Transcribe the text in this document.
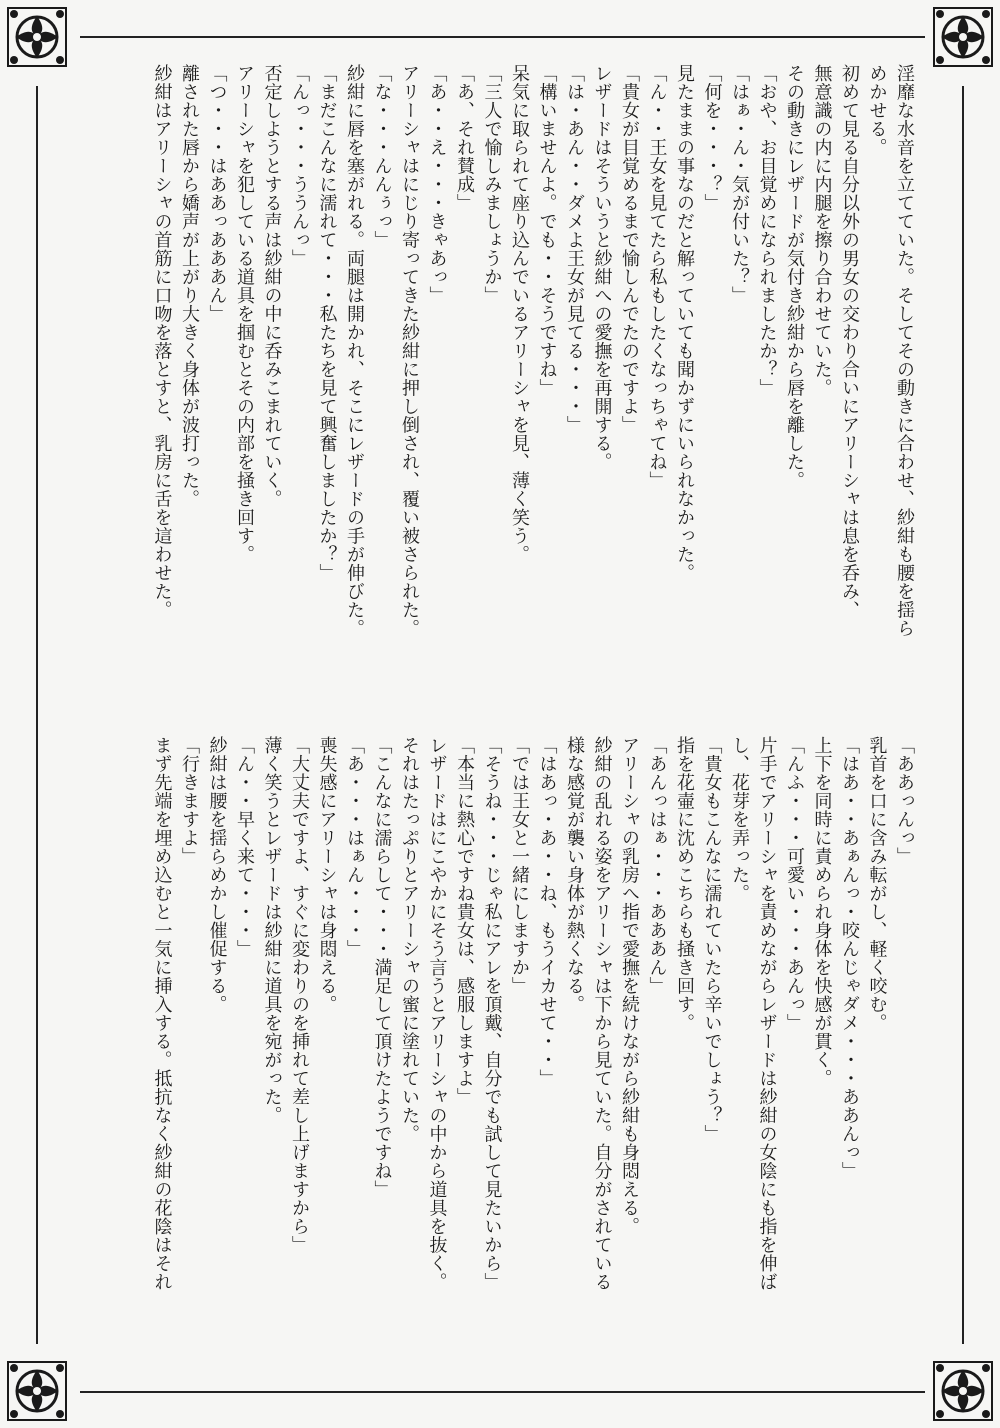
淫靡な水音を立てていた。そしてその動きに合わせ、紗紺も腰を揺ら
めかせる。
初めて見る自分以外の男女の交わり合いにアリーシャは息を呑み、
無意識の内に内腿を擦り合わせていた。
その動きにレザードが気付き紗紺から唇を離した。
「おや、お目覚めになられましたか？」
「はぁ・ん・気が付いた？」
「何を・・・？」
見たままの事なのだと解っていても聞かずにいられなかった。
「ん・・王女を見てたら私もしたくなっちゃてね」
「貴女が目覚めるまで愉しんでたのですよ」
レザードはそういうと紗紺への愛撫を再開する。
「は・あん・・ダメよ王女が見てる・・・」
「構いませんよ。でも・・そうですね」
呆気に取られて座り込んでいるアリーシャを見、薄く笑う。
「三人で愉しみましょうか」
「あ、それ賛成」
「あ・・え・・・きゃあっ」
アリーシャはにじり寄ってきた紗紺に押し倒され、覆い被さられた。
「な・・・んんぅっ」
紗紺に唇を塞がれる。両腿は開かれ、そこにレザードの手が伸びた。
「まだこんなに濡れて・・・私たちを見て興奮しましたか？」
「んっ・・・ううんっ」
否定しようとする声は紗紺の中に呑みこまれていく。
アリーシャを犯している道具を掴むとその内部を掻き回す。
「つ・・・はああっあああん」
離された唇から嬌声が上がり大きく身体が波打った。
紗紺はアリーシャの首筋に口吻を落とすと、乳房に舌を這わせた。
「ああっんっ」
乳首を口に含み転がし、軽く咬む。
「はあ・・あぁんっ・咬んじゃダメ・・・ああんっ」
上下を同時に責められ身体を快感が貫く。
「んふ・・・可愛い・・・あんっ」
片手でアリーシャを責めながらレザードは紗紺の女陰にも指を伸ば
し、花芽を弄った。
「貴女もこんなに濡れていたら辛いでしょう？」
指を花壷に沈めこちらも掻き回す。
「あんっはぁ・・・あああん」
アリーシャの乳房へ指で愛撫を続けながら紗紺も身悶える。
紗紺の乱れる姿をアリーシャは下から見ていた。自分がされている
様な感覚が襲い身体が熱くなる。
「はあっ・あ・・ね、もうイカせて・・」
「では王女と一緒にしますか」
「そうね・・・じゃ私にアレを頂戴、自分でも試して見たいから」
「本当に熱心ですね貴女は、感服しますよ」
レザードはにこやかにそう言うとアリーシャの中から道具を抜く。
それはたっぷりとアリーシャの蜜に塗れていた。
「こんなに濡らして・・・満足して頂けたようですね」
「あ・・・はぁん・・・」
喪失感にアリーシャは身悶える。
「大丈夫ですよ、すぐに変わりのを挿れて差し上げますから」
薄く笑うとレザードは紗紺に道具を宛がった。
「ん・・早く来て・・・」
紗紺は腰を揺らめかし催促する。
「行きますよ」
まず先端を埋め込むと一気に挿入する。抵抗なく紗紺の花陰はそれ
